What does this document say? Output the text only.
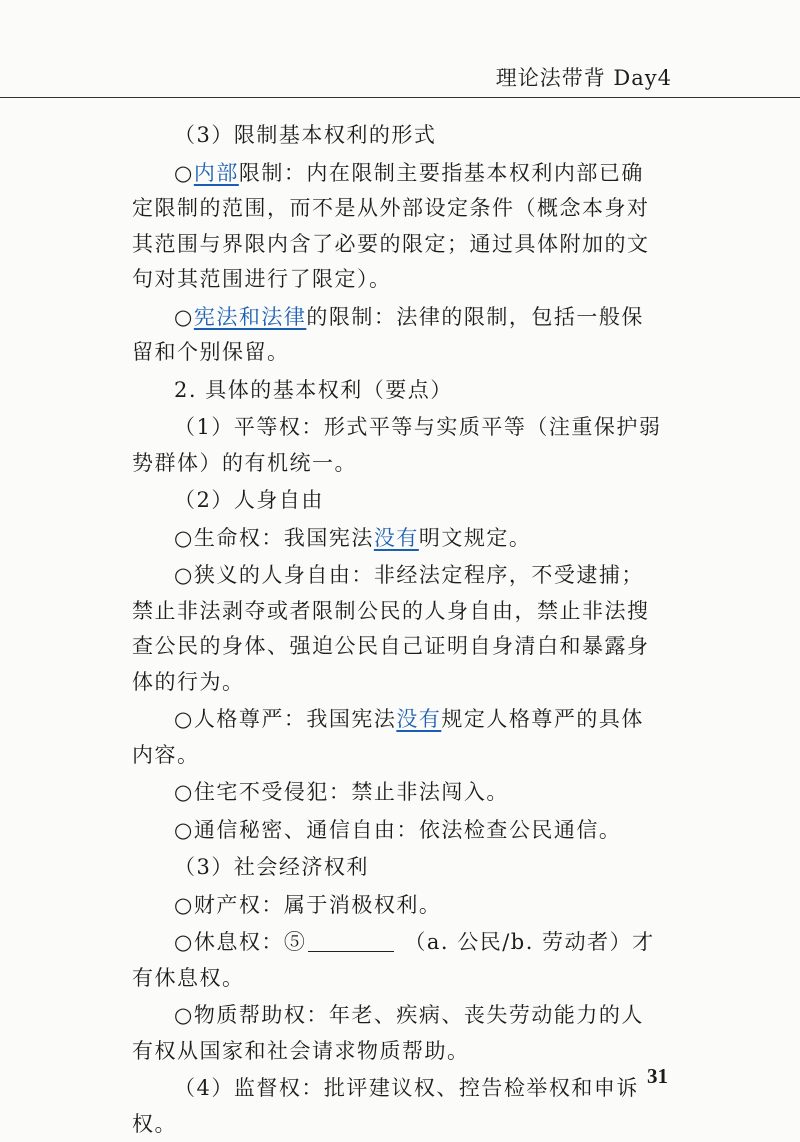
理论法带背 Day4

（3）限制基本权利的形式

○内部限制：内在限制主要指基本权利内部已确定限制的范围，而不是从外部设定条件（概念本身对其范围与界限内含了必要的限定；通过具体附加的文句对其范围进行了限定）。

○宪法和法律的限制：法律的限制，包括一般保留和个别保留。

2. 具体的基本权利（要点）

（1）平等权：形式平等与实质平等（注重保护弱势群体）的有机统一。

（2）人身自由

○生命权：我国宪法没有明文规定。

○狭义的人身自由：非经法定程序，不受逮捕；禁止非法剥夺或者限制公民的人身自由，禁止非法搜查公民的身体、强迫公民自己证明自身清白和暴露身体的行为。

○人格尊严：我国宪法没有规定人格尊严的具体内容。

○住宅不受侵犯：禁止非法闯入。

○通信秘密、通信自由：依法检查公民通信。

（3）社会经济权利

○财产权：属于消极权利。

○休息权：⑤	（a. 公民/b. 劳动者）才有休息权。

○物质帮助权：年老、疾病、丧失劳动能力的人有权从国家和社会请求物质帮助。

（4）监督权：批评建议权、控告检举权和申诉权。

31
